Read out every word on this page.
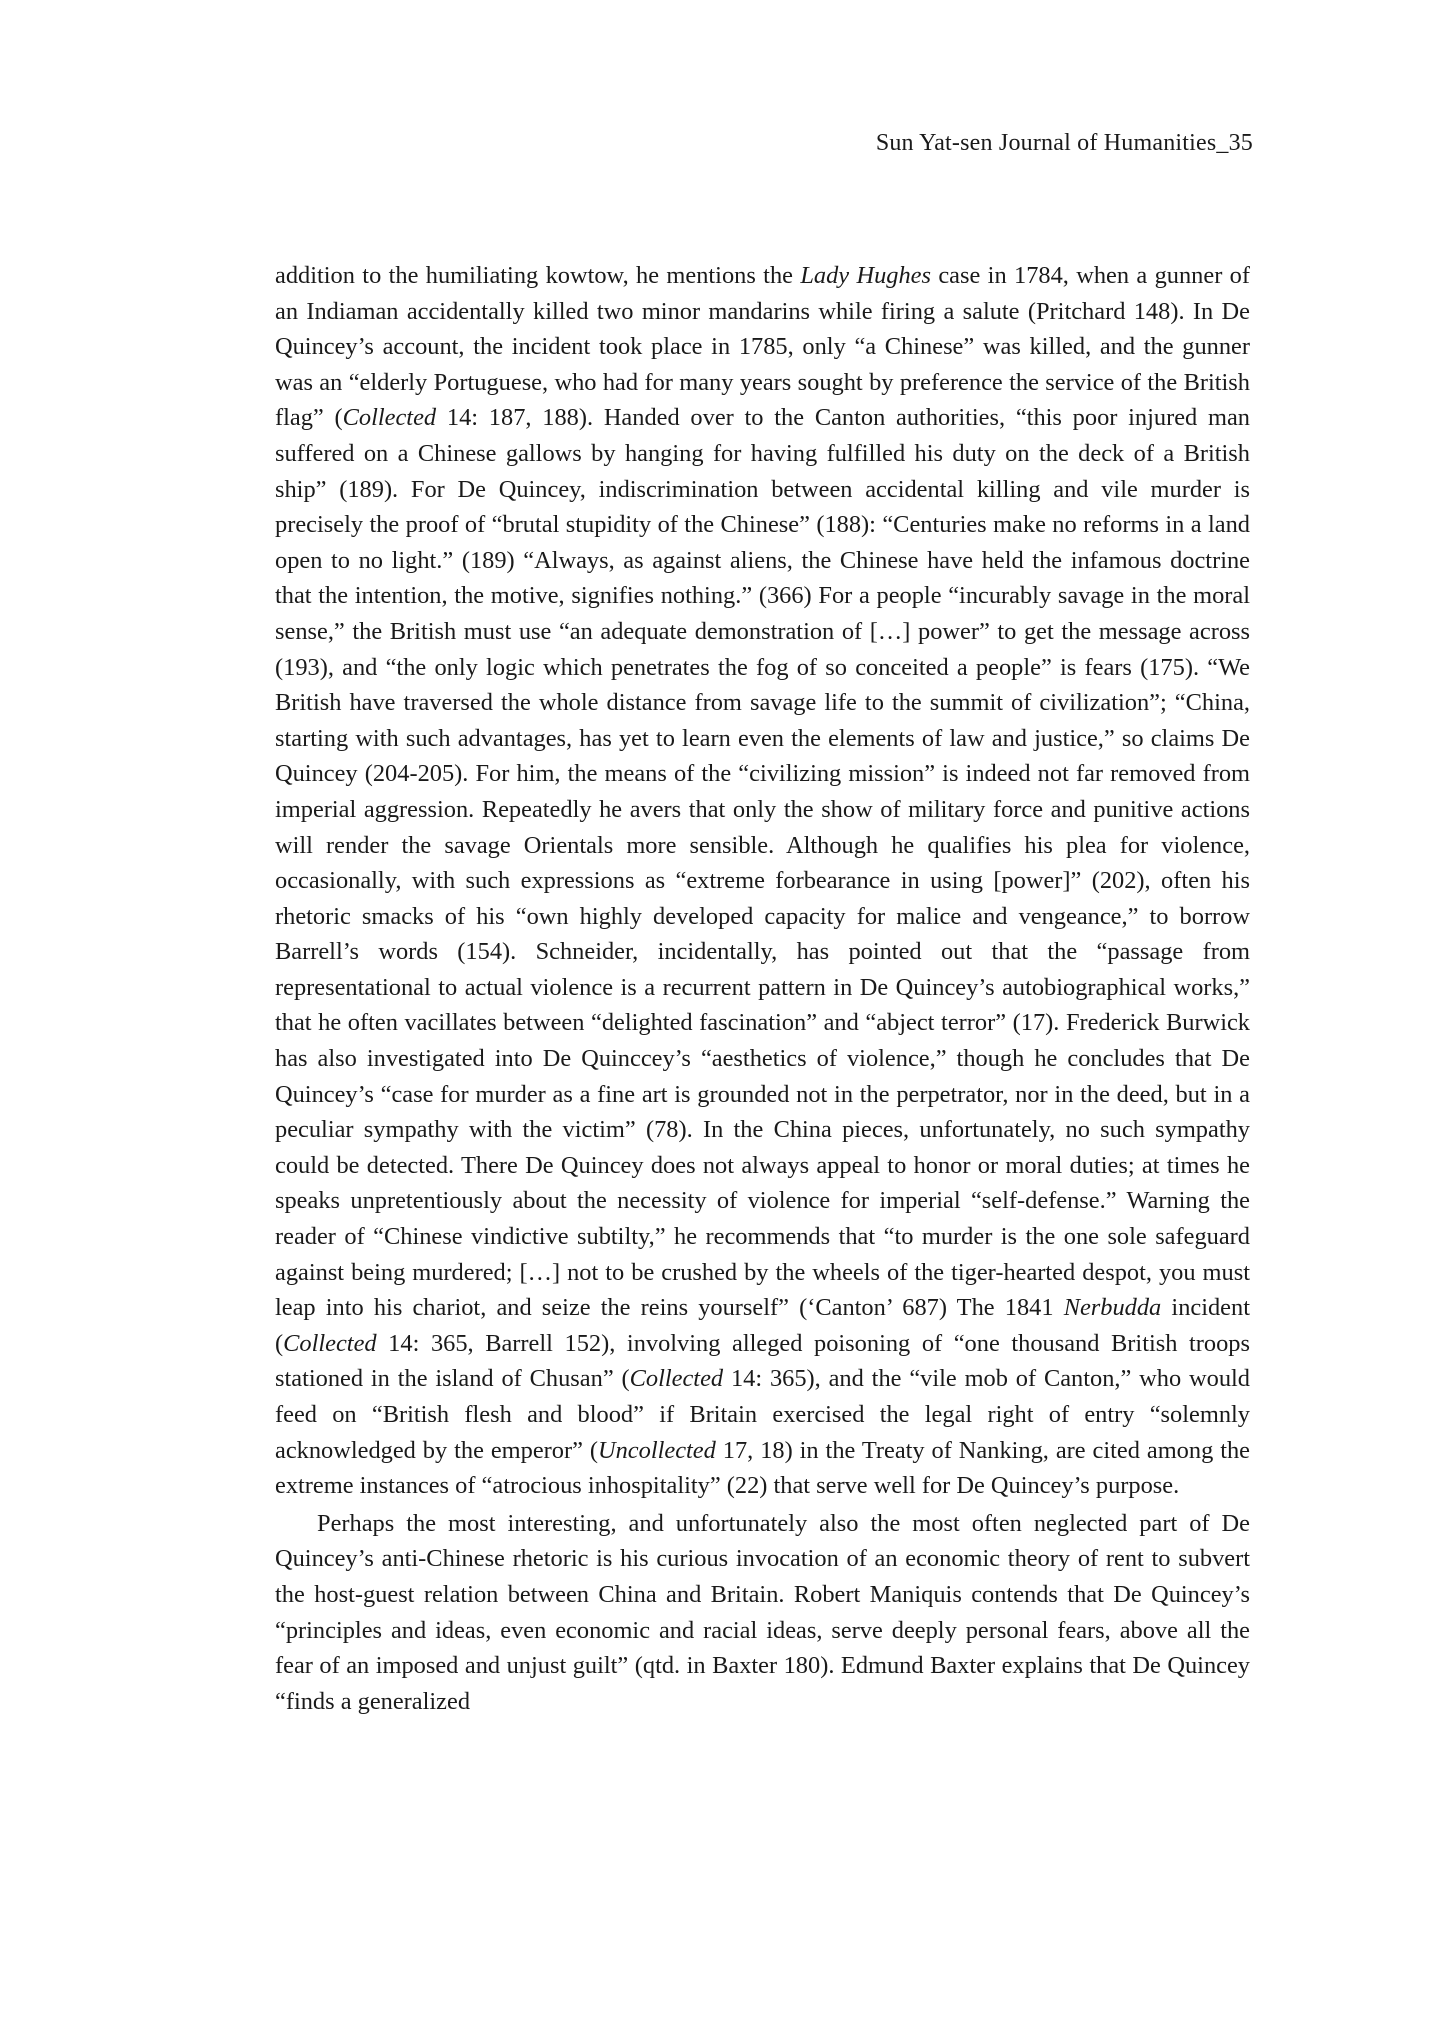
Sun Yat-sen Journal of Humanities_35

addition to the humiliating kowtow, he mentions the Lady Hughes case in 1784, when a gunner of an Indiaman accidentally killed two minor mandarins while firing a salute (Pritchard 148). In De Quincey’s account, the incident took place in 1785, only “a Chinese” was killed, and the gunner was an “elderly Portuguese, who had for many years sought by preference the service of the British flag” (Collected 14: 187, 188). Handed over to the Canton authorities, “this poor injured man suffered on a Chinese gallows by hanging for having fulfilled his duty on the deck of a British ship” (189). For De Quincey, indiscrimination between accidental killing and vile murder is precisely the proof of “brutal stupidity of the Chinese” (188): “Centuries make no reforms in a land open to no light.” (189) “Always, as against aliens, the Chinese have held the infamous doctrine that the intention, the motive, signifies nothing.” (366) For a people “incurably savage in the moral sense,” the British must use “an adequate demonstration of […] power” to get the message across (193), and “the only logic which penetrates the fog of so conceited a people” is fears (175). “We British have traversed the whole distance from savage life to the summit of civilization”; “China, starting with such advantages, has yet to learn even the elements of law and justice,” so claims De Quincey (204-205). For him, the means of the “civilizing mission” is indeed not far removed from imperial aggression. Repeatedly he avers that only the show of military force and punitive actions will render the savage Orientals more sensible. Although he qualifies his plea for violence, occasionally, with such expressions as “extreme forbearance in using [power]” (202), often his rhetoric smacks of his “own highly developed capacity for malice and vengeance,” to borrow Barrell’s words (154). Schneider, incidentally, has pointed out that the “passage from representational to actual violence is a recurrent pattern in De Quincey’s autobiographical works,” that he often vacillates between “delighted fascination” and “abject terror” (17). Frederick Burwick has also investigated into De Quinccey’s “aesthetics of violence,” though he concludes that De Quincey’s “case for murder as a fine art is grounded not in the perpetrator, nor in the deed, but in a peculiar sympathy with the victim” (78). In the China pieces, unfortunately, no such sympathy could be detected. There De Quincey does not always appeal to honor or moral duties; at times he speaks unpretentiously about the necessity of violence for imperial “self-defense.” Warning the reader of “Chinese vindictive subtilty,” he recommends that “to murder is the one sole safeguard against being murdered; […] not to be crushed by the wheels of the tiger-hearted despot, you must leap into his chariot, and seize the reins yourself” (‘Canton’ 687) The 1841 Nerbudda incident (Collected 14: 365, Barrell 152), involving alleged poisoning of “one thousand British troops stationed in the island of Chusan” (Collected 14: 365), and the “vile mob of Canton,” who would feed on “British flesh and blood” if Britain exercised the legal right of entry “solemnly acknowledged by the emperor” (Uncollected 17, 18) in the Treaty of Nanking, are cited among the extreme instances of “atrocious inhospitality” (22) that serve well for De Quincey’s purpose.

Perhaps the most interesting, and unfortunately also the most often neglected part of De Quincey’s anti-Chinese rhetoric is his curious invocation of an economic theory of rent to subvert the host-guest relation between China and Britain. Robert Maniquis contends that De Quincey’s “principles and ideas, even economic and racial ideas, serve deeply personal fears, above all the fear of an imposed and unjust guilt” (qtd. in Baxter 180). Edmund Baxter explains that De Quincey “finds a generalized
